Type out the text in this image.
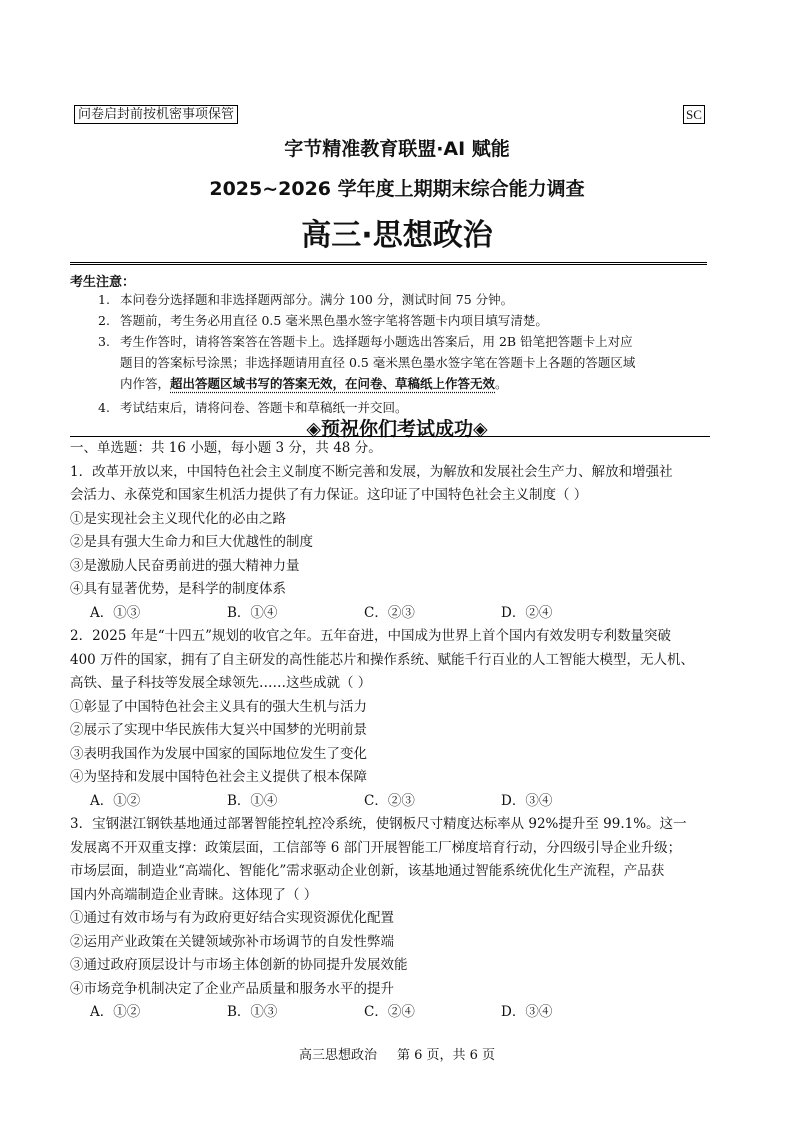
问卷启封前按机密事项保管	SC
字节精准教育联盟·AI 赋能
2025~2026 学年度上期期末综合能力调查
高三·思想政治
考生注意：
1. 本问卷分选择题和非选择题两部分。满分 100 分，测试时间 75 分钟。
2. 答题前，考生务必用直径 0.5 毫米黑色墨水签字笔将答题卡内项目填写清楚。
3. 考生作答时，请将答案答在答题卡上。选择题每小题选出答案后，用 2B 铅笔把答题卡上对应
题目的答案标号涂黑；非选择题请用直径 0.5 毫米黑色墨水签字笔在答题卡上各题的答题区域
内作答，超出答题区域书写的答案无效，在问卷、草稿纸上作答无效。
4. 考试结束后，请将问卷、答题卡和草稿纸一并交回。
◈预祝你们考试成功◈

一、单选题：共 16 小题，每小题 3 分，共 48 分。

1．改革开放以来，中国特色社会主义制度不断完善和发展，为解放和发展社会生产力、解放和增强社

会活力、永葆党和国家生机活力提供了有力保证。这印证了中国特色社会主义制度（ ）

①是实现社会主义现代化的必由之路

②是具有强大生命力和巨大优越性的制度

③是激励人民奋勇前进的强大精神力量

④具有显著优势，是科学的制度体系

A．①③	B．①④	C．②③	D．②④

2．2025 年是“十四五”规划的收官之年。五年奋进，中国成为世界上首个国内有效发明专利数量突破

400 万件的国家，拥有了自主研发的高性能芯片和操作系统、赋能千行百业的人工智能大模型，无人机、

高铁、量子科技等发展全球领先……这些成就（ ）

①彰显了中国特色社会主义具有的强大生机与活力

②展示了实现中华民族伟大复兴中国梦的光明前景

③表明我国作为发展中国家的国际地位发生了变化

④为坚持和发展中国特色社会主义提供了根本保障

A．①②	B．①④	C．②③	D．③④

3．宝钢湛江钢铁基地通过部署智能控轧控冷系统，使钢板尺寸精度达标率从 92%提升至 99.1%。这一

发展离不开双重支撑：政策层面，工信部等 6 部门开展智能工厂梯度培育行动，分四级引导企业升级；

市场层面，制造业“高端化、智能化”需求驱动企业创新，该基地通过智能系统优化生产流程，产品获

国内外高端制造企业青睐。这体现了（ ）

①通过有效市场与有为政府更好结合实现资源优化配置

②运用产业政策在关键领域弥补市场调节的自发性弊端

③通过政府顶层设计与市场主体创新的协同提升发展效能

④市场竞争机制决定了企业产品质量和服务水平的提升

A．①②	B．①③	C．②④	D．③④
高三思想政治 第 6 页，共 6 页
